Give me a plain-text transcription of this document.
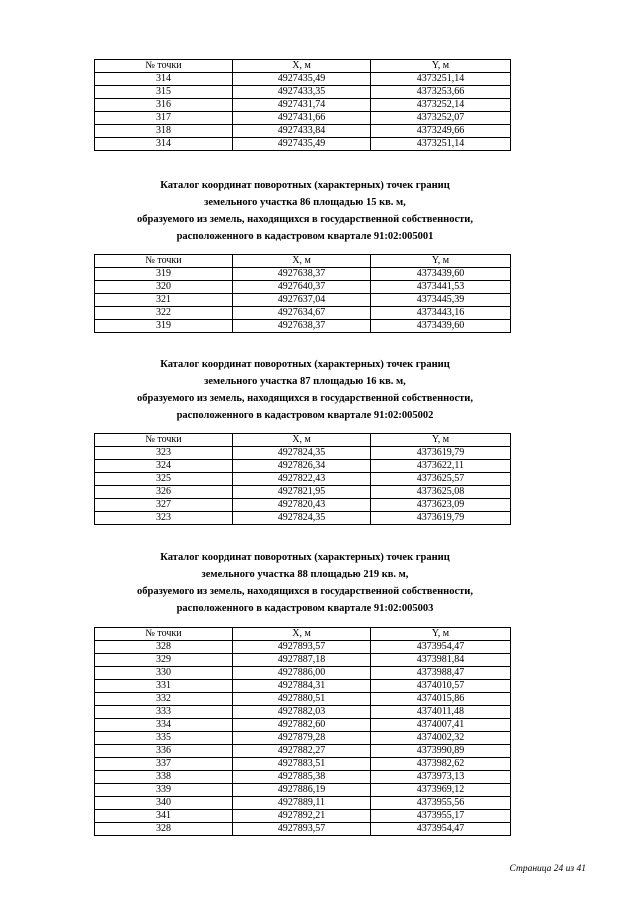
№ точки	X, м	Y, м
314	4927435,49	4373251,14
315	4927433,35	4373253,66
316	4927431,74	4373252,14
317	4927431,66	4373252,07
318	4927433,84	4373249,66
314	4927435,49	4373251,14
Каталог координат поворотных (характерных) точек границ
земельного участка 86 площадью 15 кв. м,
образуемого из земель, находящихся в государственной собственности,
расположенного в кадастровом квартале 91:02:005001
№ точки	X, м	Y, м
319	4927638,37	4373439,60
320	4927640,37	4373441,53
321	4927637,04	4373445,39
322	4927634,67	4373443,16
319	4927638,37	4373439,60
Каталог координат поворотных (характерных) точек границ
земельного участка 87 площадью 16 кв. м,
образуемого из земель, находящихся в государственной собственности,
расположенного в кадастровом квартале 91:02:005002
№ точки	X, м	Y, м
323	4927824,35	4373619,79
324	4927826,34	4373622,11
325	4927822,43	4373625,57
326	4927821,95	4373625,08
327	4927820,43	4373623,09
323	4927824,35	4373619,79
Каталог координат поворотных (характерных) точек границ
земельного участка 88 площадью 219 кв. м,
образуемого из земель, находящихся в государственной собственности,
расположенного в кадастровом квартале 91:02:005003
№ точки	X, м	Y, м
328	4927893,57	4373954,47
329	4927887,18	4373981,84
330	4927886,00	4373988,47
331	4927884,31	4374010,57
332	4927880,51	4374015,86
333	4927882,03	4374011,48
334	4927882,60	4374007,41
335	4927879,28	4374002,32
336	4927882,27	4373990,89
337	4927883,51	4373982,62
338	4927885,38	4373973,13
339	4927886,19	4373969,12
340	4927889,11	4373955,56
341	4927892,21	4373955,17
328	4927893,57	4373954,47
Страница 24 из 41
